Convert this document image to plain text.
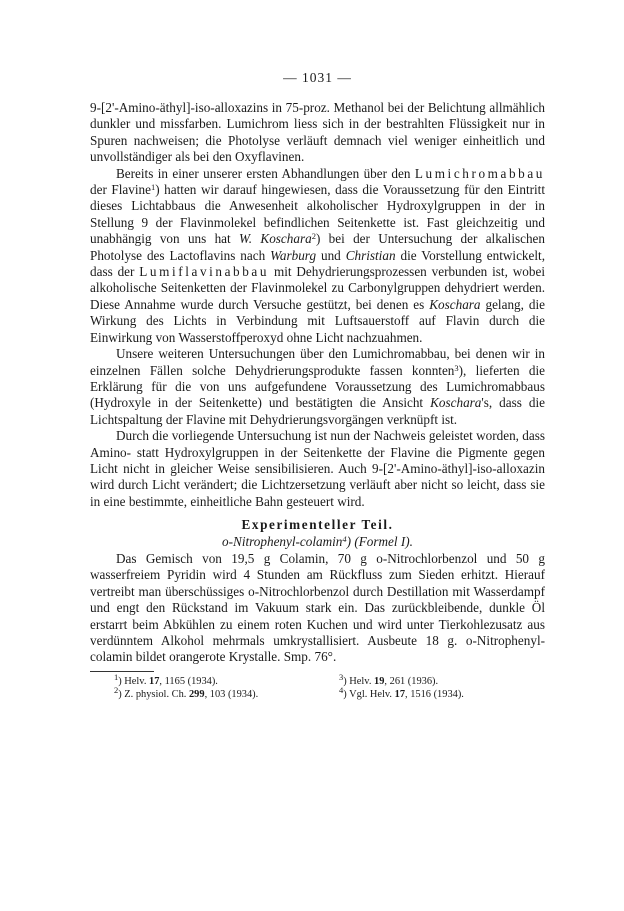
— 1031 —

9-[2'-Amino-äthyl]-iso-alloxazins in 75-proz. Methanol bei der Belichtung allmählich dunkler und missfarben. Lumichrom liess sich in der bestrahlten Flüssigkeit nur in Spuren nachweisen; die Photolyse verläuft demnach viel weniger einheitlich und unvollständiger als bei den Oxyflavinen.

Bereits in einer unserer ersten Abhandlungen über den Lumichromabbau der Flavine$^1$) hatten wir darauf hingewiesen, dass die Voraussetzung für den Eintritt dieses Lichtabbaus die Anwesenheit alkoholischer Hydroxylgruppen in der in Stellung 9 der Flavinmolekel befindlichen Seitenkette ist. Fast gleichzeitig und unabhängig von uns hat W. Koschara$^2$) bei der Untersuchung der alkalischen Photolyse des Lactoflavins nach Warburg und Christian die Vorstellung entwickelt, dass der Lumiflavinabbau mit Dehydrierungsprozessen verbunden ist, wobei alkoholische Seitenketten der Flavinmolekel zu Carbonylgruppen dehydriert werden. Diese Annahme wurde durch Versuche gestützt, bei denen es Koschara gelang, die Wirkung des Lichts in Verbindung mit Luftsauerstoff auf Flavin durch die Einwirkung von Wasserstoffperoxyd ohne Licht nachzuahmen.

Unsere weiteren Untersuchungen über den Lumichromabbau, bei denen wir in einzelnen Fällen solche Dehydrierungsprodukte fassen konnten$^3$), lieferten die Erklärung für die von uns aufgefundene Voraussetzung des Lumichromabbaus (Hydroxyle in der Seitenkette) und bestätigten die Ansicht Koschara's, dass die Lichtspaltung der Flavine mit Dehydrierungsvorgängen verknüpft ist.

Durch die vorliegende Untersuchung ist nun der Nachweis geleistet worden, dass Amino- statt Hydroxylgruppen in der Seitenkette der Flavine die Pigmente gegen Licht nicht in gleicher Weise sensibilisieren. Auch 9-[2'-Amino-äthyl]-iso-alloxazin wird durch Licht verändert; die Lichtzersetzung verläuft aber nicht so leicht, dass sie in eine bestimmte, einheitliche Bahn gesteuert wird.

Experimenteller Teil.
o-Nitrophenyl-colamin$^4$) (Formel I).

Das Gemisch von 19,5 g Colamin, 70 g o-Nitrochlorbenzol und 50 g wasserfreiem Pyridin wird 4 Stunden am Rückfluss zum Sieden erhitzt. Hierauf vertreibt man überschüssiges o-Nitrochlorbenzol durch Destillation mit Wasserdampf und engt den Rückstand im Vakuum stark ein. Das zurückbleibende, dunkle Öl erstarrt beim Abkühlen zu einem roten Kuchen und wird unter Tierkohlezusatz aus verdünntem Alkohol mehrmals umkrystallisiert. Ausbeute 18 g. o-Nitrophenyl-colamin bildet orangerote Krystalle. Smp. 76°.

$^1$) Helv. 17, 1165 (1934).	$^3$) Helv. 19, 261 (1936).
$^2$) Z. physiol. Ch. 299, 103 (1934).	$^4$) Vgl. Helv. 17, 1516 (1934).
